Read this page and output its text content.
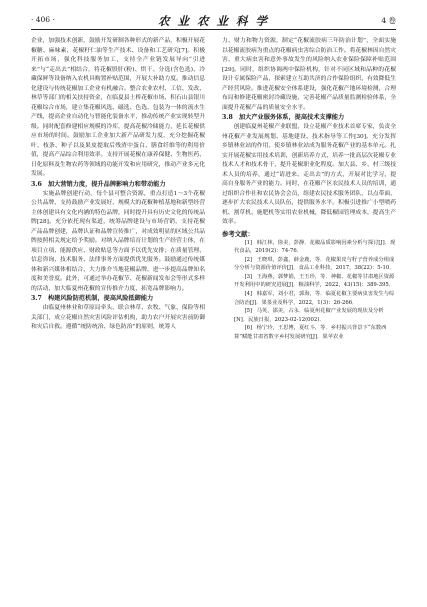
· 406 ·	农 业 农 业 科 学	4 卷

企业，加强技术创新，鼓励开发研制各种形式的新产品，积极开展花椒糖、麻味素、花椒籽仁油等生产技术、设备和工艺研究[7]。积极开拓市场，强化科技服务加工，支持全产业链发展导向“引进来”与“走出去”相结合，将花椒股肝(粉)、烘干、分选(含色选)、冷藏保鲜等设备纳入农机具购置补贴范围，开展大补助力度。推动信息化建设与传统花椒加工企业有机融合。整合农业农村、工信、发改、林草等部门的相关扶持资金，在临夏县土桥花椒市场、积石山县银川花椒综合市场，建立集花椒风选、磁选、色选、包装为一体的流水生产线，提高企业自动化与智能化装备水平，推动传统产业实现转型升级。同时配套修建相应规模的冷库，提高花椒冷储能力，延长花椒供应市场的时间。鼓励加工企业加大新产品研发力度，充分挖掘花椒叶、枝条、种子以及果皮提取后残渣中蛋白、膳食纤维等的利用价值，提高产品综合利用效率。支持开展花椒在康养保健、生物医药、日化原料及生物农药等领域的功能开发和应用研究，推动产业多元化发展。

3.6　加大营销力度，提升品牌影响力和带动能力

实施品牌创建行动，每个县可整合资源，重点打造1～3个花椒公共品牌，支持鼓励产业发展好、规模大的花椒种植基地和新型经营主体创建具有文化内涵的特色品牌，同时提升具有历史文化的传统品牌[28]。充分依托现有渠道，统筹品牌建设与市场营销，支持花椒产品品牌创建，品牌认证和品牌宣传推广，对成效明显的区域公共品牌按照相关规定给予奖励。对纳入品牌培育计划的生产经营主体，在项目立项、能源供应、财政贴息等方面予以优先安排；在质量管理、信息咨询、技术服务、法律事务方面提供优先服务。鼓励通过传统媒体和新兴媒体相结合，大力推介当地花椒品牌，进一步提高品牌知名度和美誉度。此外，可通过举办花椒节、花椒新闻发布会等形式多样的活动，加大临夏州花椒的宣传推介力度，拓宽品牌影响力。

3.7　构建风险防范机制，提高风险抵御能力

由临夏州林业和草原局牵头，联合林草、农牧、气象、保险等相关部门，成立花椒自然灾害风险评估机构，助力农户开展灾害前防御和灾后自救。遵循“统防统治、绿色防治”的原则，统筹人

力、财力和物力资源，制定“花椒流胶病三年防治计划”，全面实施以花椒流胶病为重点的花椒病虫害综合防治工作。将花椒林因自然灾害、重大病虫害和意外事故发生的风险纳入农业保险保障补贴范围[29]。同时，组织协调两中保险机构，针对不同区域和品种的花椒设计专属保险产品，探索建立互助共济的合作保险组织，有效降低生产经营风险。推进花椒安全体系建设，强化花椒产地环境检测，合理布局和修建花椒密封冷藏设施，完善花椒产品质量监测检验体系，全面提升花椒产品的质量安全水平。

3.8　加大产业服务体系，提高技术支撑能力

创建临夏州花椒产业联盟，设立花椒产业技术首席专家，负责全州花椒产业发展规划、基地建设、技术指导等工作[30]。充分发挥乡镇林业站的作用，使乡镇林业站成为服务花椒产业的基本单元。扎实开展花椒实用技术培训，创新培养方式，培养一批高层次花椒专业技术人才和技术骨干，提升花椒职业化程度。加大县、乡、村三级技术人员的培养，通过“请进来、走出去”的方式，开展对比学习，提高自身服务产业的能力。同时，在花椒产区农民技术人员的培训，通过组织合作社和农民协会会员，组建农民技术服务团队，以点带面，逐步扩大农民技术人员队伍，提供服务水平。积极引进推广小型喷药机、割草机、施肥机等实用农业机械，降低椒园管理成本，提高生产效率。

参考文献：

[1] 韩江林，徐美，彭静．花椒品质影响因素分析与探讨[J]．现代食品，2019(2)：74-76．

[2] 王晓琪，彭鑫，薛金鹿，等．花椒果皮与籽子营养成分组成分分析与资源价值评价[J]．食品工业科技，2017，38(22)：5-10．

[3] 王海燕，郭梦娟，王玉珍，等．神椒、花椒等甘肃地区资源开发利用中的研究进展[J]．粮油科学，2022，43(15)：389-395．

[4] 韩嘉军，刘小君，郭海，等．临夏花椒主要病虫害发生与综合防治[J]．果茶业及科学，2022，1(3)：26-266．

[5] 马英，邵美，占永．临夏州花椒产业发展的现状及分析[N]．民族日报，2023-02-12(002)．

[6] 杨宁玲，王思博，夏红斗，等．乡村振兴背景下“东数西算”赋能甘肃省数字乡村发展研究[J]．果苹农业
